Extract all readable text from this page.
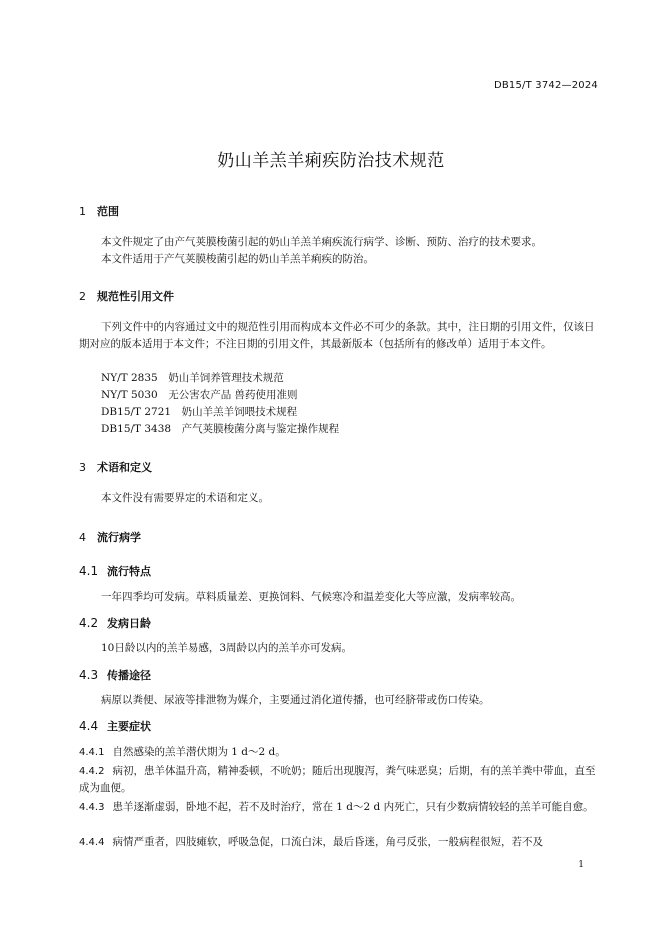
DB15/T 3742—2024
奶山羊羔羊痢疾防治技术规范
1 范围
本文件规定了由产气荚膜梭菌引起的奶山羊羔羊痢疾流行病学、诊断、预防、治疗的技术要求。
本文件适用于产气荚膜梭菌引起的奶山羊羔羊痢疾的防治。
2 规范性引用文件
下列文件中的内容通过文中的规范性引用而构成本文件必不可少的条款。其中，注日期的引用文件，仅该日期对应的版本适用于本文件；不注日期的引用文件，其最新版本（包括所有的修改单）适用于本文件。
NY/T 2835　奶山羊饲养管理技术规范
NY/T 5030　无公害农产品 兽药使用准则
DB15/T 2721　奶山羊羔羊饲喂技术规程
DB15/T 3438　产气荚膜梭菌分离与鉴定操作规程
3 术语和定义
本文件没有需要界定的术语和定义。
4 流行病学
4.1 流行特点
一年四季均可发病。草料质量差、更换饲料、气候寒冷和温差变化大等应激，发病率较高。
4.2 发病日龄
10日龄以内的羔羊易感，3周龄以内的羔羊亦可发病。
4.3 传播途径
病原以粪便、尿液等排泄物为媒介，主要通过消化道传播，也可经脐带或伤口传染。
4.4 主要症状
4.4.1 自然感染的羔羊潜伏期为 1 d～2 d。
4.4.2 病初，患羊体温升高，精神委顿，不吮奶；随后出现腹泻，粪气味恶臭；后期，有的羔羊粪中带血，直至成为血便。
4.4.3 患羊逐渐虚弱，卧地不起，若不及时治疗，常在 1 d～2 d 内死亡，只有少数病情较轻的羔羊可能自愈。
4.4.4 病情严重者，四肢瘫软，呼吸急促，口流白沫，最后昏迷，角弓反张，一般病程很短，若不及
1
